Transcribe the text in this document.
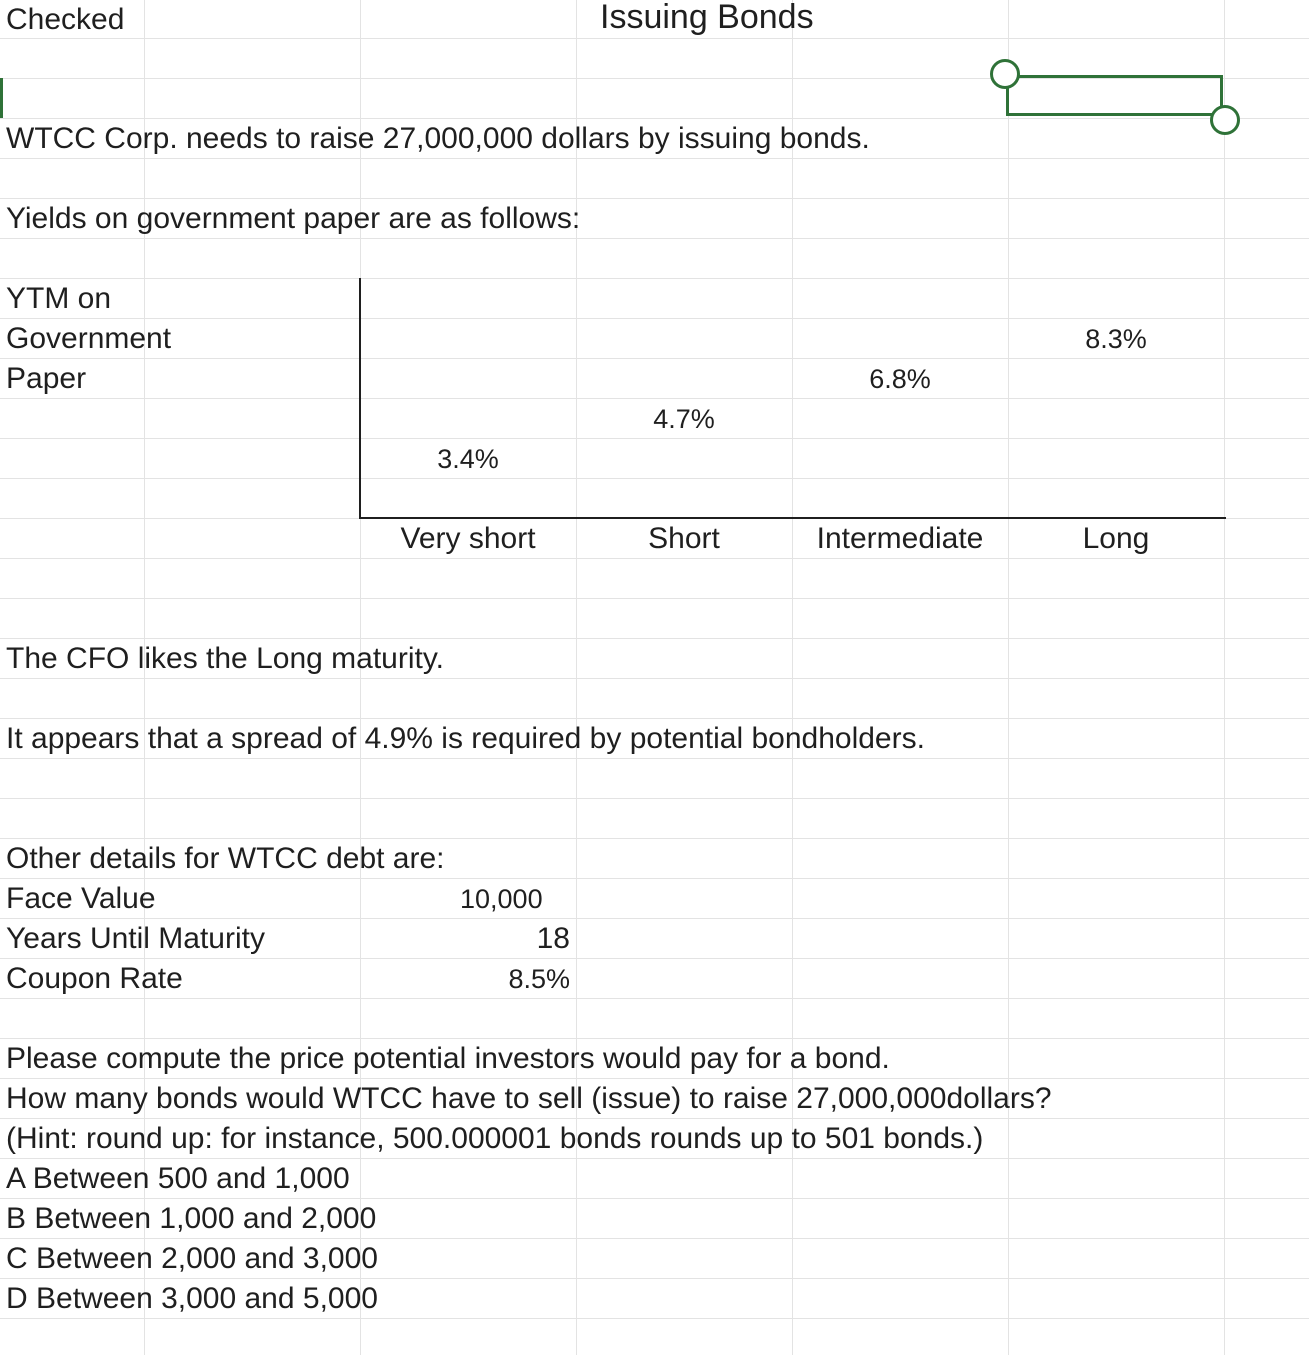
Checked	Issuing Bonds
WTCC Corp. needs to raise 27,000,000 dollars by issuing bonds.
Yields on government paper are as follows:
YTM on
Government
Paper
3.4%
Very short
4.7%
Short
6.8%
Intermediate
8.3%
Long
The CFO likes the Long maturity.
It appears that a spread of 4.9% is required by potential bondholders.
Other details for WTCC debt are:
Face Value	10,000
Years Until Maturity	18
Coupon Rate	8.5%
Please compute the price potential investors would pay for a bond.
How many bonds would WTCC have to sell (issue) to raise 27,000,000dollars?
(Hint: round up: for instance, 500.000001 bonds rounds up to 501 bonds.)
A Between 500 and 1,000
B Between 1,000 and 2,000
C Between 2,000 and 3,000
D Between 3,000 and 5,000
